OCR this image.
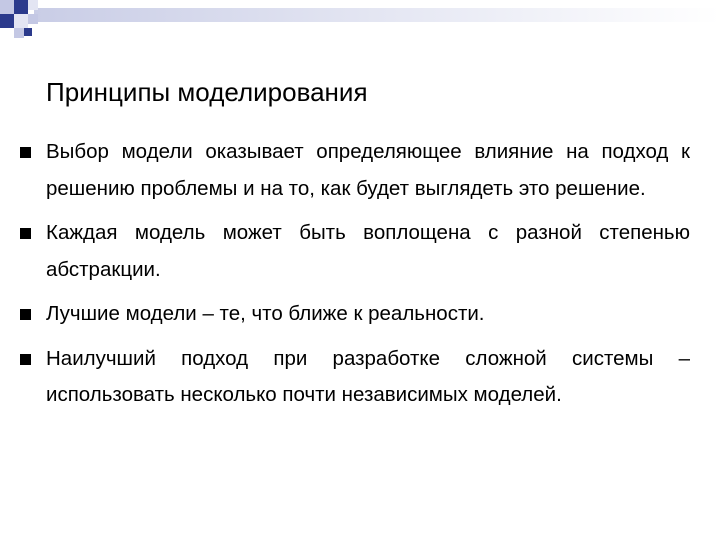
Принципы моделирования
Выбор модели оказывает определяющее влияние на подход к решению проблемы и на то, как будет выглядеть это решение.
Каждая модель может быть воплощена с разной степенью абстракции.
Лучшие модели – те, что ближе к реальности.
Наилучший подход при разработке сложной системы – использовать несколько почти независимых моделей.
